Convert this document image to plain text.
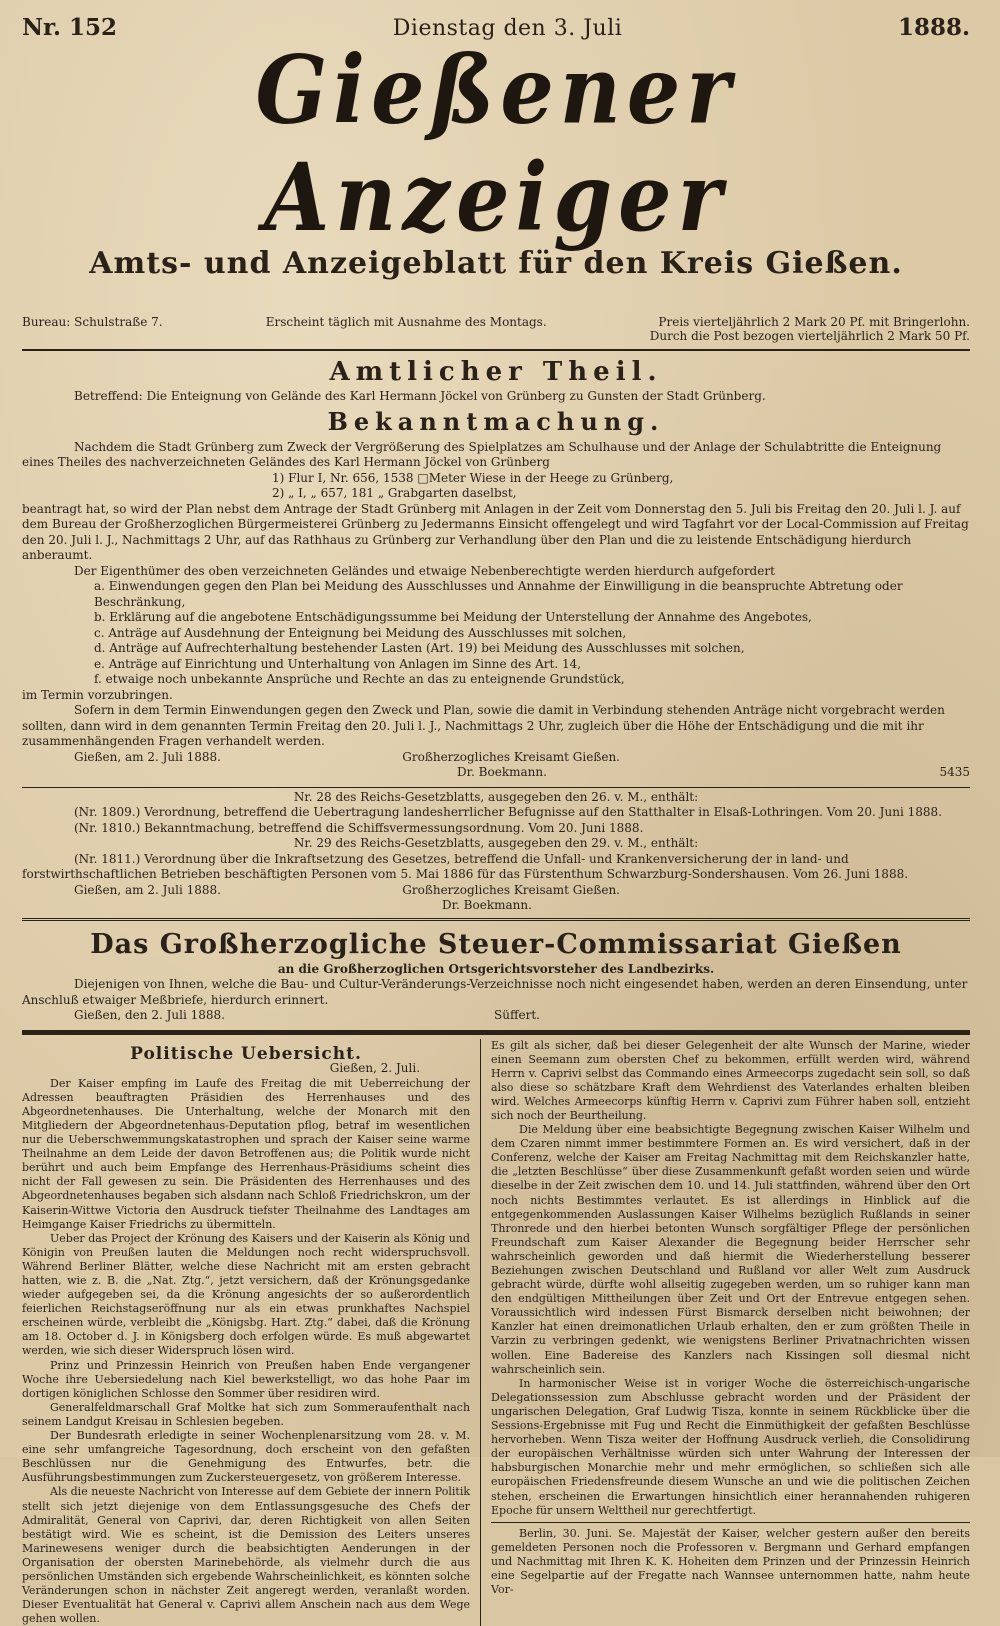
Nr. 152	Dienstag den 3. Juli	1888.
Gießener Anzeiger
Amts- und Anzeigeblatt für den Kreis Gießen.
Bureau: Schulstraße 7.	Erscheint täglich mit Ausnahme des Montags.	Preis vierteljährlich 2 Mark 20 Pf. mit Bringerlohn.
Durch die Post bezogen vierteljährlich 2 Mark 50 Pf.
Amtlicher Theil.
Betreffend: Die Enteignung von Gelände des Karl Hermann Jöckel von Grünberg zu Gunsten der Stadt Grünberg.
Bekanntmachung.
Nachdem die Stadt Grünberg zum Zweck der Vergrößerung des Spielplatzes am Schulhause und der Anlage der Schulabtritte die Enteignung eines Theiles des nachverzeichneten Geländes des Karl Hermann Jöckel von Grünberg
1) Flur I, Nr. 656, 1538 □Meter Wiese in der Heege zu Grünberg,
2) „ I, „ 657, 181 „ Grabgarten daselbst,
beantragt hat, so wird der Plan nebst dem Antrage der Stadt Grünberg mit Anlagen in der Zeit vom Donnerstag den 5. Juli bis Freitag den 20. Juli l. J. auf dem Bureau der Großherzoglichen Bürgermeisterei Grünberg zu Jedermanns Einsicht offengelegt und wird Tagfahrt vor der Local-Commission auf Freitag den 20. Juli l. J., Nachmittags 2 Uhr, auf das Rathhaus zu Grünberg zur Verhandlung über den Plan und die zu leistende Entschädigung hierdurch anberaumt.
Der Eigenthümer des oben verzeichneten Geländes und etwaige Nebenberechtigte werden hierdurch aufgefordert
a. Einwendungen gegen den Plan bei Meidung des Ausschlusses und Annahme der Einwilligung in die beanspruchte Abtretung oder Beschränkung,
b. Erklärung auf die angebotene Entschädigungssumme bei Meidung der Unterstellung der Annahme des Angebotes,
c. Anträge auf Ausdehnung der Enteignung bei Meidung des Ausschlusses mit solchen,
d. Anträge auf Aufrechterhaltung bestehender Lasten (Art. 19) bei Meidung des Ausschlusses mit solchen,
e. Anträge auf Einrichtung und Unterhaltung von Anlagen im Sinne des Art. 14,
f. etwaige noch unbekannte Ansprüche und Rechte an das zu enteignende Grundstück,
im Termin vorzubringen.
Sofern in dem Termin Einwendungen gegen den Zweck und Plan, sowie die damit in Verbindung stehenden Anträge nicht vorgebracht werden sollten, dann wird in dem genannten Termin Freitag den 20. Juli l. J., Nachmittags 2 Uhr, zugleich über die Höhe der Entschädigung und die mit ihr zusammenhängenden Fragen verhandelt werden.
Gießen, am 2. Juli 1888.	Großherzogliches Kreisamt Gießen.
Dr. Boekmann.	5435
Nr. 28 des Reichs-Gesetzblatts, ausgegeben den 26. v. M., enthält:
(Nr. 1809.) Verordnung, betreffend die Uebertragung landesherrlicher Befugnisse auf den Statthalter in Elsaß-Lothringen. Vom 20. Juni 1888.
(Nr. 1810.) Bekanntmachung, betreffend die Schiffsvermessungsordnung. Vom 20. Juni 1888.
Nr. 29 des Reichs-Gesetzblatts, ausgegeben den 29. v. M., enthält:
(Nr. 1811.) Verordnung über die Inkraftsetzung des Gesetzes, betreffend die Unfall- und Krankenversicherung der in land- und forstwirthschaftlichen Betrieben beschäftigten Personen vom 5. Mai 1886 für das Fürstenthum Schwarzburg-Sondershausen. Vom 26. Juni 1888.
Gießen, am 2. Juli 1888.	Großherzogliches Kreisamt Gießen.
Dr. Boekmann.
Das Großherzogliche Steuer-Commissariat Gießen
an die Großherzoglichen Ortsgerichtsvorsteher des Landbezirks.
Diejenigen von Ihnen, welche die Bau- und Cultur-Veränderungs-Verzeichnisse noch nicht eingesendet haben, werden an deren Einsendung, unter Anschluß etwaiger Meßbriefe, hierdurch erinnert.
Gießen, den 2. Juli 1888.	Süffert.
Politische Uebersicht.
Gießen, 2. Juli.

Der Kaiser empfing im Laufe des Freitag die mit Ueberreichung der Adressen beauftragten Präsidien des Herrenhauses und des Abgeordnetenhauses. Die Unterhaltung, welche der Monarch mit den Mitgliedern der Abgeordnetenhaus-Deputation pflog, betraf im wesentlichen nur die Ueberschwemmungskatastrophen und sprach der Kaiser seine warme Theilnahme an dem Leide der davon Betroffenen aus; die Politik wurde nicht berührt und auch beim Empfange des Herrenhaus-Präsidiums scheint dies nicht der Fall gewesen zu sein. Die Präsidenten des Herrenhauses und des Abgeordnetenhauses begaben sich alsdann nach Schloß Friedrichskron, um der Kaiserin-Wittwe Victoria den Ausdruck tiefster Theilnahme des Landtages am Heimgange Kaiser Friedrichs zu übermitteln.

Ueber das Project der Krönung des Kaisers und der Kaiserin als König und Königin von Preußen lauten die Meldungen noch recht widerspruchsvoll. Während Berliner Blätter, welche diese Nachricht mit am ersten gebracht hatten, wie z. B. die „Nat. Ztg.“, jetzt versichern, daß der Krönungsgedanke wieder aufgegeben sei, da die Krönung angesichts der so außerordentlich feierlichen Reichstagseröffnung nur als ein etwas prunkhaftes Nachspiel erscheinen würde, verbleibt die „Königsbg. Hart. Ztg.“ dabei, daß die Krönung am 18. October d. J. in Königsberg doch erfolgen würde. Es muß abgewartet werden, wie sich dieser Widerspruch lösen wird.

Prinz und Prinzessin Heinrich von Preußen haben Ende vergangener Woche ihre Uebersiedelung nach Kiel bewerkstelligt, wo das hohe Paar im dortigen königlichen Schlosse den Sommer über residiren wird.

Generalfeldmarschall Graf Moltke hat sich zum Sommeraufenthalt nach seinem Landgut Kreisau in Schlesien begeben.

Der Bundesrath erledigte in seiner Wochenplenarsitzung vom 28. v. M. eine sehr umfangreiche Tagesordnung, doch erscheint von den gefaßten Beschlüssen nur die Genehmigung des Entwurfes, betr. die Ausführungsbestimmungen zum Zuckersteuergesetz, von größerem Interesse.

Als die neueste Nachricht von Interesse auf dem Gebiete der innern Politik stellt sich jetzt diejenige von dem Entlassungsgesuche des Chefs der Admiralität, General von Caprivi, dar, deren Richtigkeit von allen Seiten bestätigt wird. Wie es scheint, ist die Demission des Leiters unseres Marinewesens weniger durch die beabsichtigten Aenderungen in der Organisation der obersten Marinebehörde, als vielmehr durch die aus persönlichen Umständen sich ergebende Wahrscheinlichkeit, es könnten solche Veränderungen schon in nächster Zeit angeregt werden, veranlaßt worden. Dieser Eventualität hat General v. Caprivi allem Anschein nach aus dem Wege gehen wollen.

Es gilt als sicher, daß bei dieser Gelegenheit der alte Wunsch der Marine, wieder einen Seemann zum obersten Chef zu bekommen, erfüllt werden wird, während Herrn v. Caprivi selbst das Commando eines Armeecorps zugedacht sein soll, so daß also diese so schätzbare Kraft dem Wehrdienst des Vaterlandes erhalten bleiben wird. Welches Armeecorps künftig Herrn v. Caprivi zum Führer haben soll, entzieht sich noch der Beurtheilung.

Die Meldung über eine beabsichtigte Begegnung zwischen Kaiser Wilhelm und dem Czaren nimmt immer bestimmtere Formen an. Es wird versichert, daß in der Conferenz, welche der Kaiser am Freitag Nachmittag mit dem Reichskanzler hatte, die „letzten Beschlüsse“ über diese Zusammenkunft gefaßt worden seien und würde dieselbe in der Zeit zwischen dem 10. und 14. Juli stattfinden, während über den Ort noch nichts Bestimmtes verlautet. Es ist allerdings in Hinblick auf die entgegenkommenden Auslassungen Kaiser Wilhelms bezüglich Rußlands in seiner Thronrede und den hierbei betonten Wunsch sorgfältiger Pflege der persönlichen Freundschaft zum Kaiser Alexander die Begegnung beider Herrscher sehr wahrscheinlich geworden und daß hiermit die Wiederherstellung besserer Beziehungen zwischen Deutschland und Rußland vor aller Welt zum Ausdruck gebracht würde, dürfte wohl allseitig zugegeben werden, um so ruhiger kann man den endgültigen Mittheilungen über Zeit und Ort der Entrevue entgegen sehen. Voraussichtlich wird indessen Fürst Bismarck derselben nicht beiwohnen; der Kanzler hat einen dreimonatlichen Urlaub erhalten, den er zum größten Theile in Varzin zu verbringen gedenkt, wie wenigstens Berliner Privatnachrichten wissen wollen. Eine Badereise des Kanzlers nach Kissingen soll diesmal nicht wahrscheinlich sein.

In harmonischer Weise ist in voriger Woche die österreichisch-ungarische Delegationssession zum Abschlusse gebracht worden und der Präsident der ungarischen Delegation, Graf Ludwig Tisza, konnte in seinem Rückblicke über die Sessions-Ergebnisse mit Fug und Recht die Einmüthigkeit der gefaßten Beschlüsse hervorheben. Wenn Tisza weiter der Hoffnung Ausdruck verlieh, die Consolidirung der europäischen Verhältnisse würden sich unter Wahrung der Interessen der habsburgischen Monarchie mehr und mehr ermöglichen, so schließen sich alle europäischen Friedensfreunde diesem Wunsche an und wie die politischen Zeichen stehen, erscheinen die Erwartungen hinsichtlich einer herannahenden ruhigeren Epoche für unsern Welttheil nur gerechtfertigt.

Berlin, 30. Juni. Se. Majestät der Kaiser, welcher gestern außer den bereits gemeldeten Personen noch die Professoren v. Bergmann und Gerhard empfangen und Nachmittag mit Ihren K. K. Hoheiten dem Prinzen und der Prinzessin Heinrich eine Segelpartie auf der Fregatte nach Wannsee unternommen hatte, nahm heute Vor-
